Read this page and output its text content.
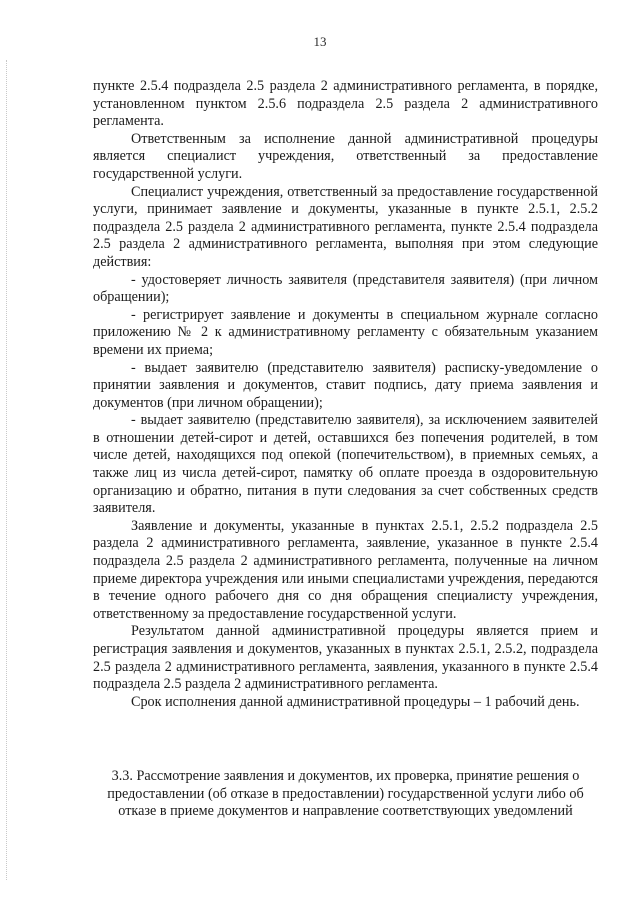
13

пункте 2.5.4 подраздела 2.5 раздела 2 административного регламента, в порядке, установленном пунктом 2.5.6 подраздела 2.5 раздела 2 административного регламента.

Ответственным за исполнение данной административной процедуры является специалист учреждения, ответственный за предоставление государственной услуги.

Специалист учреждения, ответственный за предоставление государственной услуги, принимает заявление и документы, указанные в пункте 2.5.1, 2.5.2 подраздела 2.5 раздела 2 административного регламента, пункте 2.5.4 подраздела 2.5 раздела 2 административного регламента, выполняя при этом следующие действия:

- удостоверяет личность заявителя (представителя заявителя) (при личном обращении);

- регистрирует заявление и документы в специальном журнале согласно приложению № 2 к административному регламенту с обязательным указанием времени их приема;

- выдает заявителю (представителю заявителя) расписку-уведомление о принятии заявления и документов, ставит подпись, дату приема заявления и документов (при личном обращении);

- выдает заявителю (представителю заявителя), за исключением заявителей в отношении детей-сирот и детей, оставшихся без попечения родителей, в том числе детей, находящихся под опекой (попечительством), в приемных семьях, а также лиц из числа детей-сирот, памятку об оплате проезда в оздоровительную организацию и обратно, питания в пути следования за счет собственных средств заявителя.

Заявление и документы, указанные в пунктах 2.5.1, 2.5.2 подраздела 2.5 раздела 2 административного регламента, заявление, указанное в пункте 2.5.4 подраздела 2.5 раздела 2 административного регламента, полученные на личном приеме директора учреждения или иными специалистами учреждения, передаются в течение одного рабочего дня со дня обращения специалисту учреждения, ответственному за предоставление государственной услуги.

Результатом данной административной процедуры является прием и регистрация заявления и документов, указанных в пунктах 2.5.1, 2.5.2, подраздела 2.5 раздела 2 административного регламента, заявления, указанного в пункте 2.5.4 подраздела 2.5 раздела 2 административного регламента.

Срок исполнения данной административной процедуры – 1 рабочий день.

3.3. Рассмотрение заявления и документов, их проверка, принятие решения о предоставлении (об отказе в предоставлении) государственной услуги либо об отказе в приеме документов и направление соответствующих уведомлений
